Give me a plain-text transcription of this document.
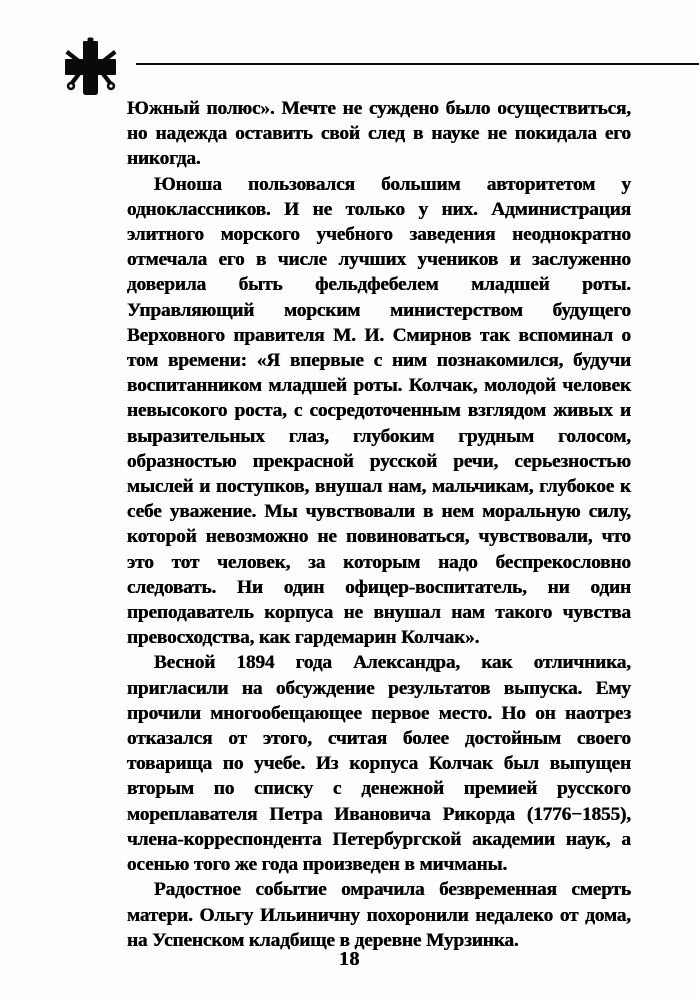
Южный полюс». Мечте не суждено было осуществиться, но надежда оставить свой след в науке не покидала его никогда.

Юноша пользовался большим авторитетом у одноклассников. И не только у них. Администрация элитного морского учебного заведения неоднократно отмечала его в числе лучших учеников и заслуженно доверила быть фельдфебелем младшей роты. Управляющий морским министерством будущего Верховного правителя М. И. Смирнов так вспоминал о том времени: «Я впервые с ним познакомился, будучи воспитанником младшей роты. Колчак, молодой человек невысокого роста, с сосредоточенным взглядом живых и выразительных глаз, глубоким грудным голосом, образностью прекрасной русской речи, серьезностью мыслей и поступков, внушал нам, мальчикам, глубокое к себе уважение. Мы чувствовали в нем моральную силу, которой невозможно не повиноваться, чувствовали, что это тот человек, за которым надо беспрекословно следовать. Ни один офицер-воспитатель, ни один преподаватель корпуса не внушал нам такого чувства превосходства, как гардемарин Колчак».

Весной 1894 года Александра, как отличника, пригласили на обсуждение результатов выпуска. Ему прочили многообещающее первое место. Но он наотрез отказался от этого, считая более достойным своего товарища по учебе. Из корпуса Колчак был выпущен вторым по списку с денежной премией русского мореплавателя Петра Ивановича Рикорда (1776−1855), члена-корреспондента Петербургской академии наук, а осенью того же года произведен в мичманы.

Радостное событие омрачила безвременная смерть матери. Ольгу Ильиничну похоронили недалеко от дома, на Успенском кладбище в деревне Мурзинка.

18
